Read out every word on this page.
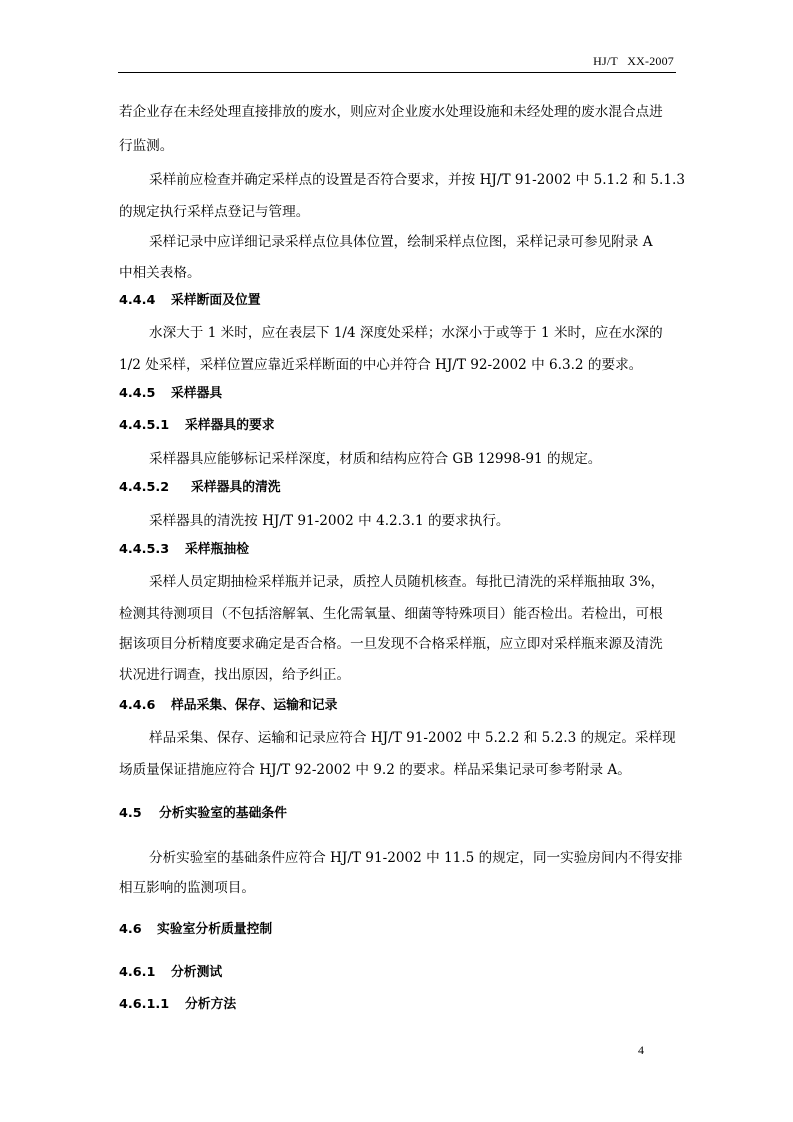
HJ/T   XX-2007
若企业存在未经处理直接排放的废水，则应对企业废水处理设施和未经处理的废水混合点进
行监测。
采样前应检查并确定采样点的设置是否符合要求，并按 HJ/T 91-2002 中 5.1.2 和 5.1.3
的规定执行采样点登记与管理。
采样记录中应详细记录采样点位具体位置，绘制采样点位图，采样记录可参见附录 A
中相关表格。
4.4.4 采样断面及位置
水深大于 1 米时，应在表层下 1/4 深度处采样；水深小于或等于 1 米时，应在水深的
1/2 处采样，采样位置应靠近采样断面的中心并符合 HJ/T 92-2002 中 6.3.2 的要求。
4.4.5 采样器具
4.4.5.1 采样器具的要求
采样器具应能够标记采样深度，材质和结构应符合 GB 12998-91 的规定。
4.4.5.2 采样器具的清洗
采样器具的清洗按 HJ/T 91-2002 中 4.2.3.1 的要求执行。
4.4.5.3 采样瓶抽检
采样人员定期抽检采样瓶并记录，质控人员随机核查。每批已清洗的采样瓶抽取 3%，
检测其待测项目（不包括溶解氧、生化需氧量、细菌等特殊项目）能否检出。若检出，可根
据该项目分析精度要求确定是否合格。一旦发现不合格采样瓶，应立即对采样瓶来源及清洗
状况进行调查，找出原因，给予纠正。
4.4.6 样品采集、保存、运输和记录
样品采集、保存、运输和记录应符合 HJ/T 91-2002 中 5.2.2 和 5.2.3 的规定。采样现
场质量保证措施应符合 HJ/T 92-2002 中 9.2 的要求。样品采集记录可参考附录 A。
4.5 分析实验室的基础条件
分析实验室的基础条件应符合 HJ/T 91-2002 中 11.5 的规定，同一实验房间内不得安排
相互影响的监测项目。
4.6 实验室分析质量控制
4.6.1 分析测试
4.6.1.1 分析方法
4
